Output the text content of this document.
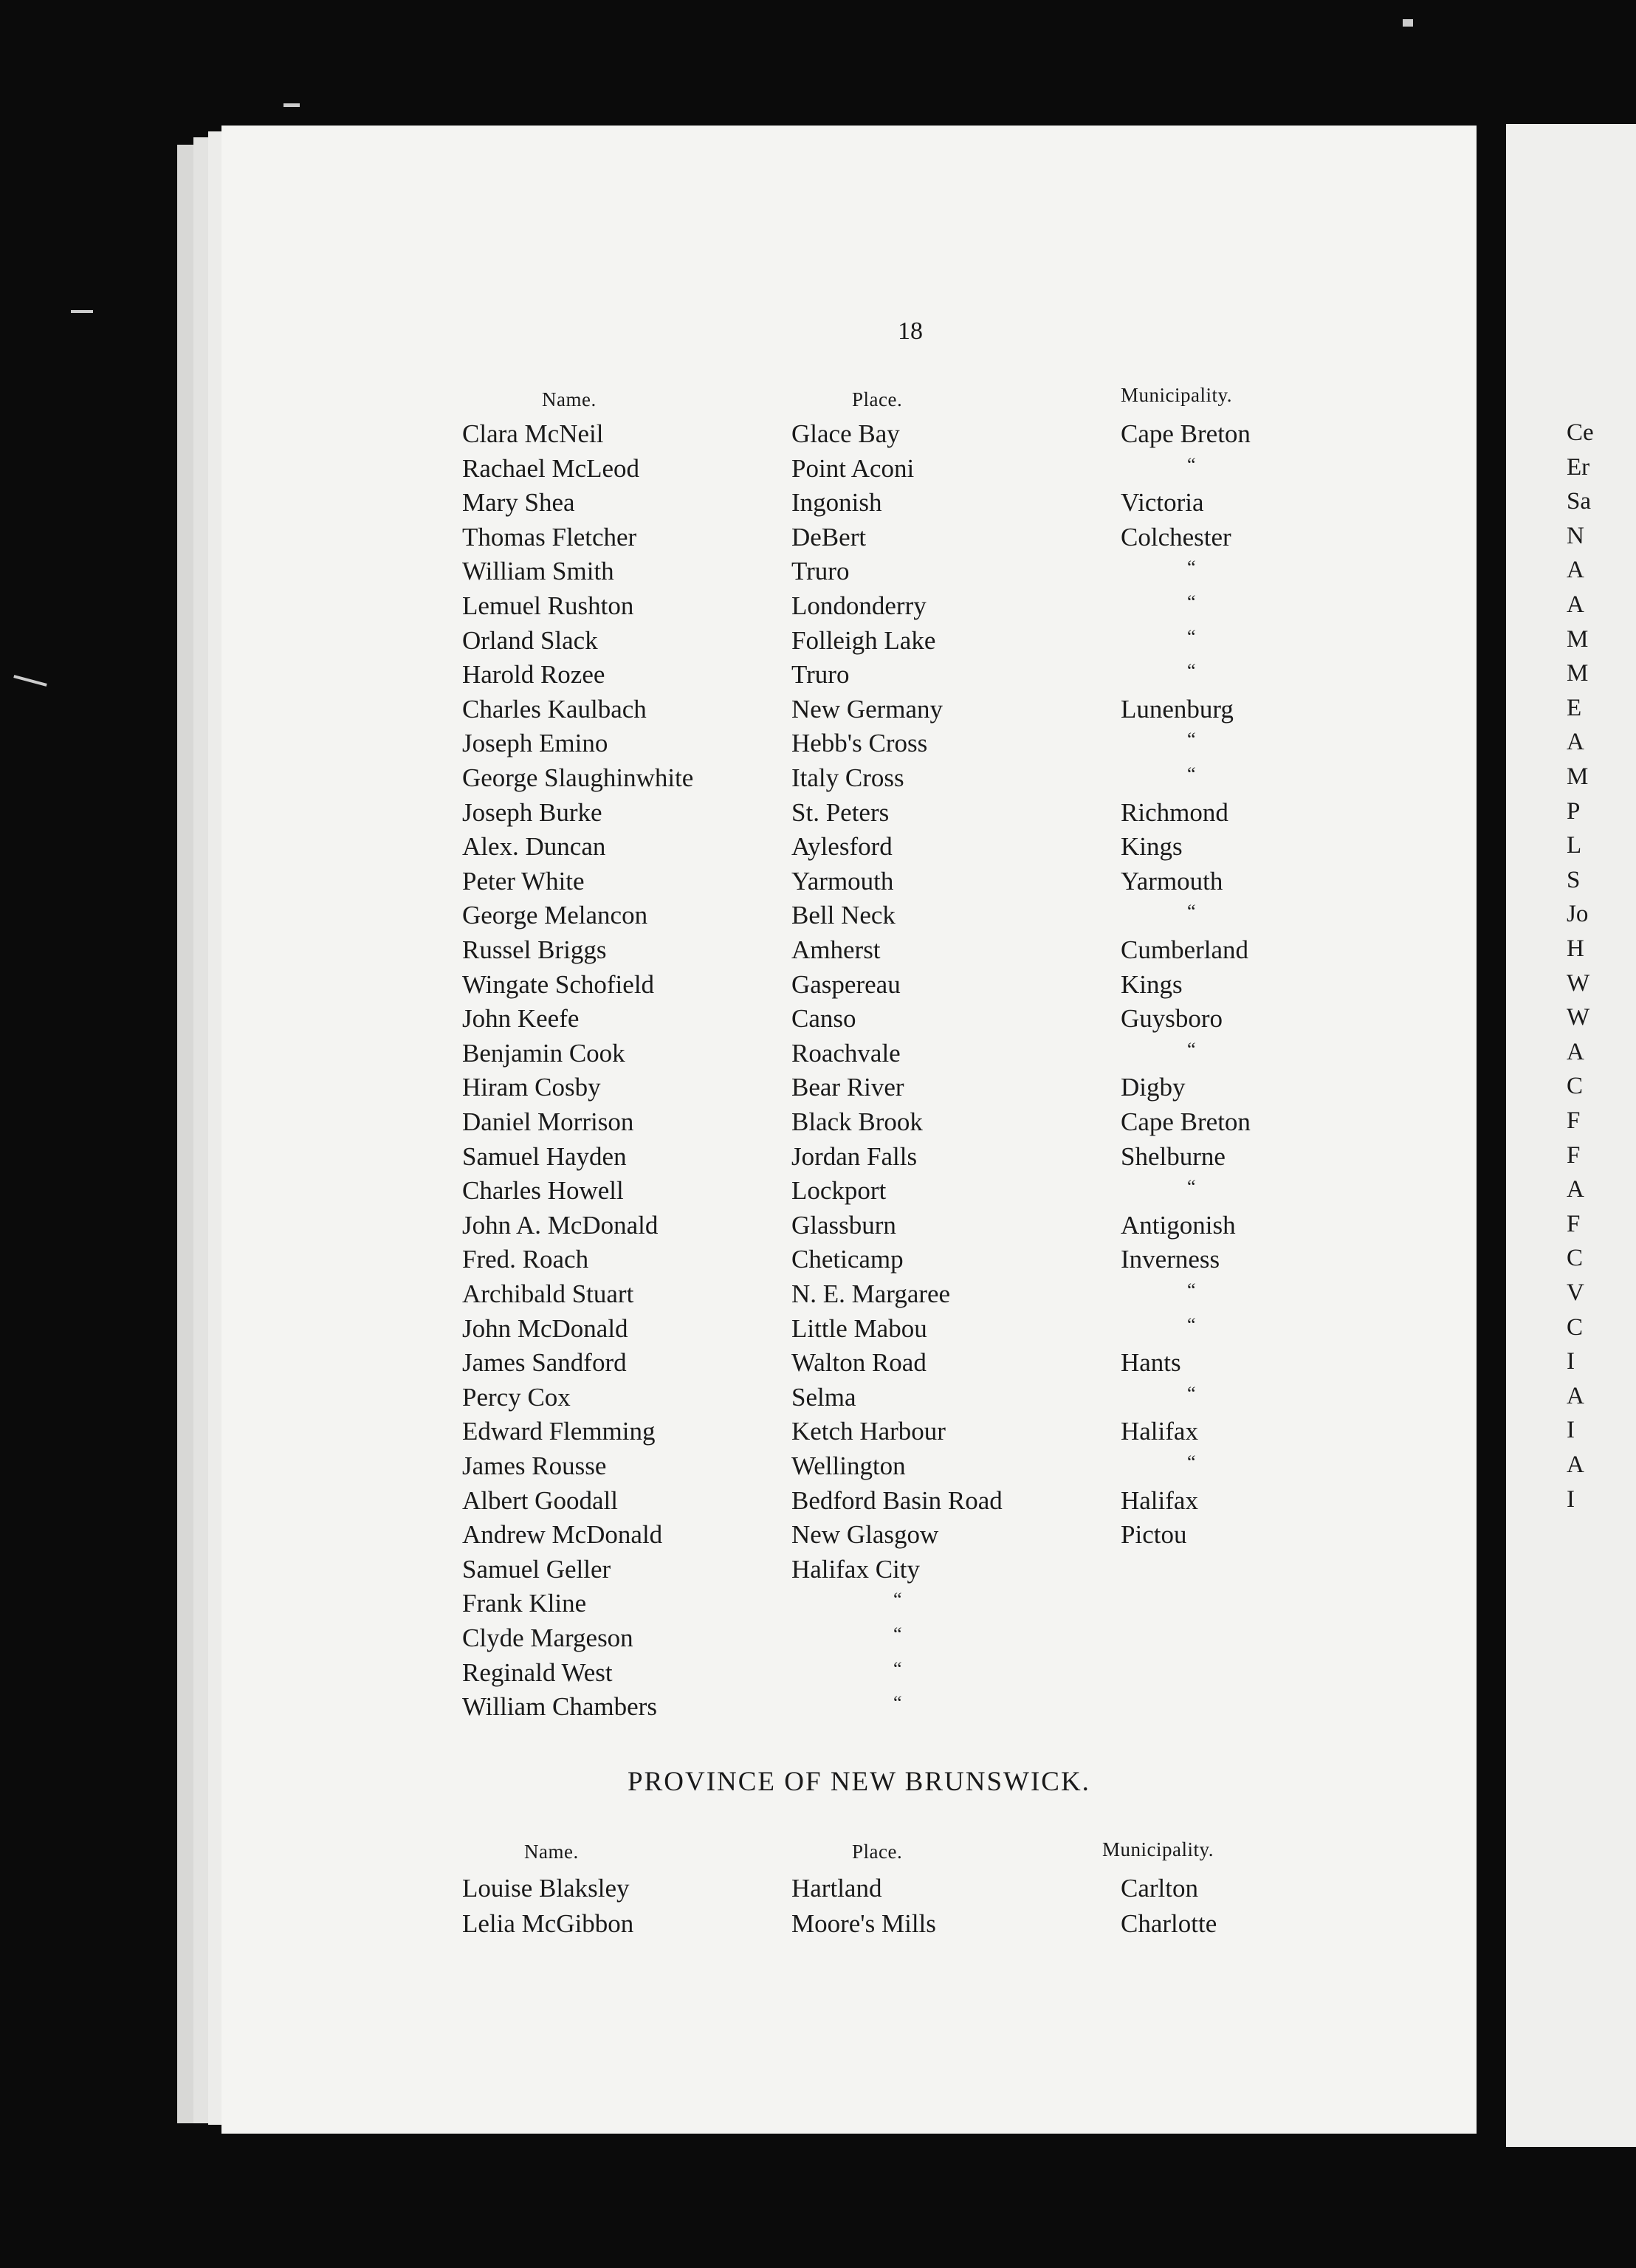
Ce
Er
Sa
N
A
A
M
M
E
A
M
P
L
S
Jo
H
W
W
A
C
F
F
A
F
C
V
C
I
A
I
A
I
18
Name.	Place.	Municipality.
Clara McNeil	Glace Bay	Cape Breton
Rachael McLeod	Point Aconi	“
Mary Shea	Ingonish	Victoria
Thomas Fletcher	DeBert	Colchester
William Smith	Truro	“
Lemuel Rushton	Londonderry	“
Orland Slack	Folleigh Lake	“
Harold Rozee	Truro	“
Charles Kaulbach	New Germany	Lunenburg
Joseph Emino	Hebb's Cross	“
George Slaughinwhite	Italy Cross	“
Joseph Burke	St. Peters	Richmond
Alex. Duncan	Aylesford	Kings
Peter White	Yarmouth	Yarmouth
George Melancon	Bell Neck	“
Russel Briggs	Amherst	Cumberland
Wingate Schofield	Gaspereau	Kings
John Keefe	Canso	Guysboro
Benjamin Cook	Roachvale	“
Hiram Cosby	Bear River	Digby
Daniel Morrison	Black Brook	Cape Breton
Samuel Hayden	Jordan Falls	Shelburne
Charles Howell	Lockport	“
John A. McDonald	Glassburn	Antigonish
Fred. Roach	Cheticamp	Inverness
Archibald Stuart	N. E. Margaree	“
John McDonald	Little Mabou	“
James Sandford	Walton Road	Hants
Percy Cox	Selma	“
Edward Flemming	Ketch Harbour	Halifax
James Rousse	Wellington	“
Albert Goodall	Bedford Basin Road	Halifax
Andrew McDonald	New Glasgow	Pictou
Samuel Geller	Halifax City
Frank Kline	“
Clyde Margeson	“
Reginald West	“
William Chambers	“
PROVINCE OF NEW BRUNSWICK.
Name.	Place.	Municipality.
Louise Blaksley	Hartland	Carlton
Lelia McGibbon	Moore's Mills	Charlotte
